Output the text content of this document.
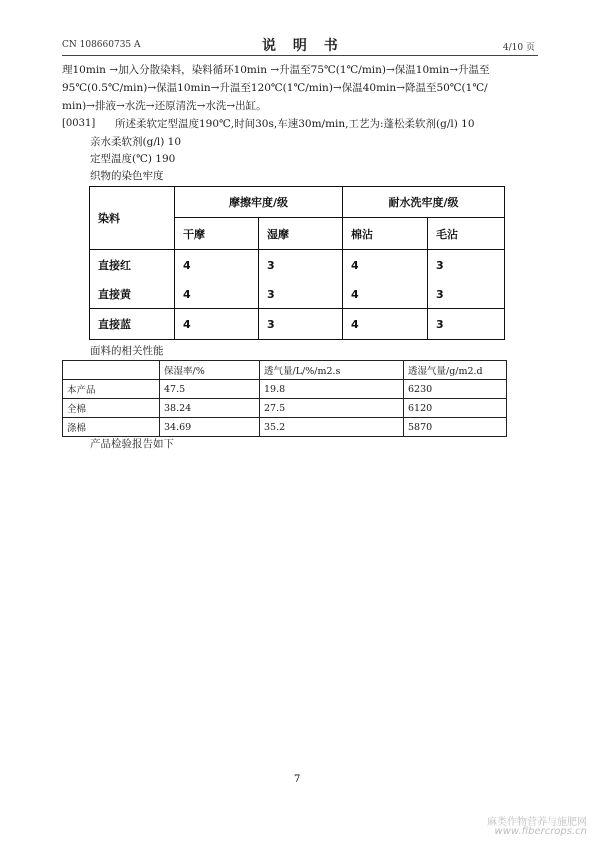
CN 108660735 A	说 明 书	4/10 页
理10min →加入分散染料，染料循环10min →升温至75℃(1℃/min)→保温10min→升温至
95℃(0.5℃/min)→保温10min→升温至120℃(1℃/min)→保温40min→降温至50℃(1℃/
min)→排液→水洗→还原清洗→水洗→出缸。
[0031] 所述柔软定型温度190℃,时间30s,车速30m/min,工艺为:蓬松柔软剂(g/l) 10
亲水柔软剂(g/l) 10
定型温度(℃) 190
织物的染色牢度
染料	摩擦牢度/级		耐水洗牢度/级	
	干摩	湿摩	棉沾	毛沾
直接红	4	3	4	3
直接黄	4	3	4	3
直接蓝	4	3	4	3
面料的相关性能
	保湿率/%	透气量/L/%/m2.s	透湿气量/g/m2.d
本产品	47.5	19.8	6230
全棉	38.24	27.5	6120
涤棉	34.69	35.2	5870
产品检验报告如下
7
麻类作物营养与施肥网
www.fibercrops.cn
